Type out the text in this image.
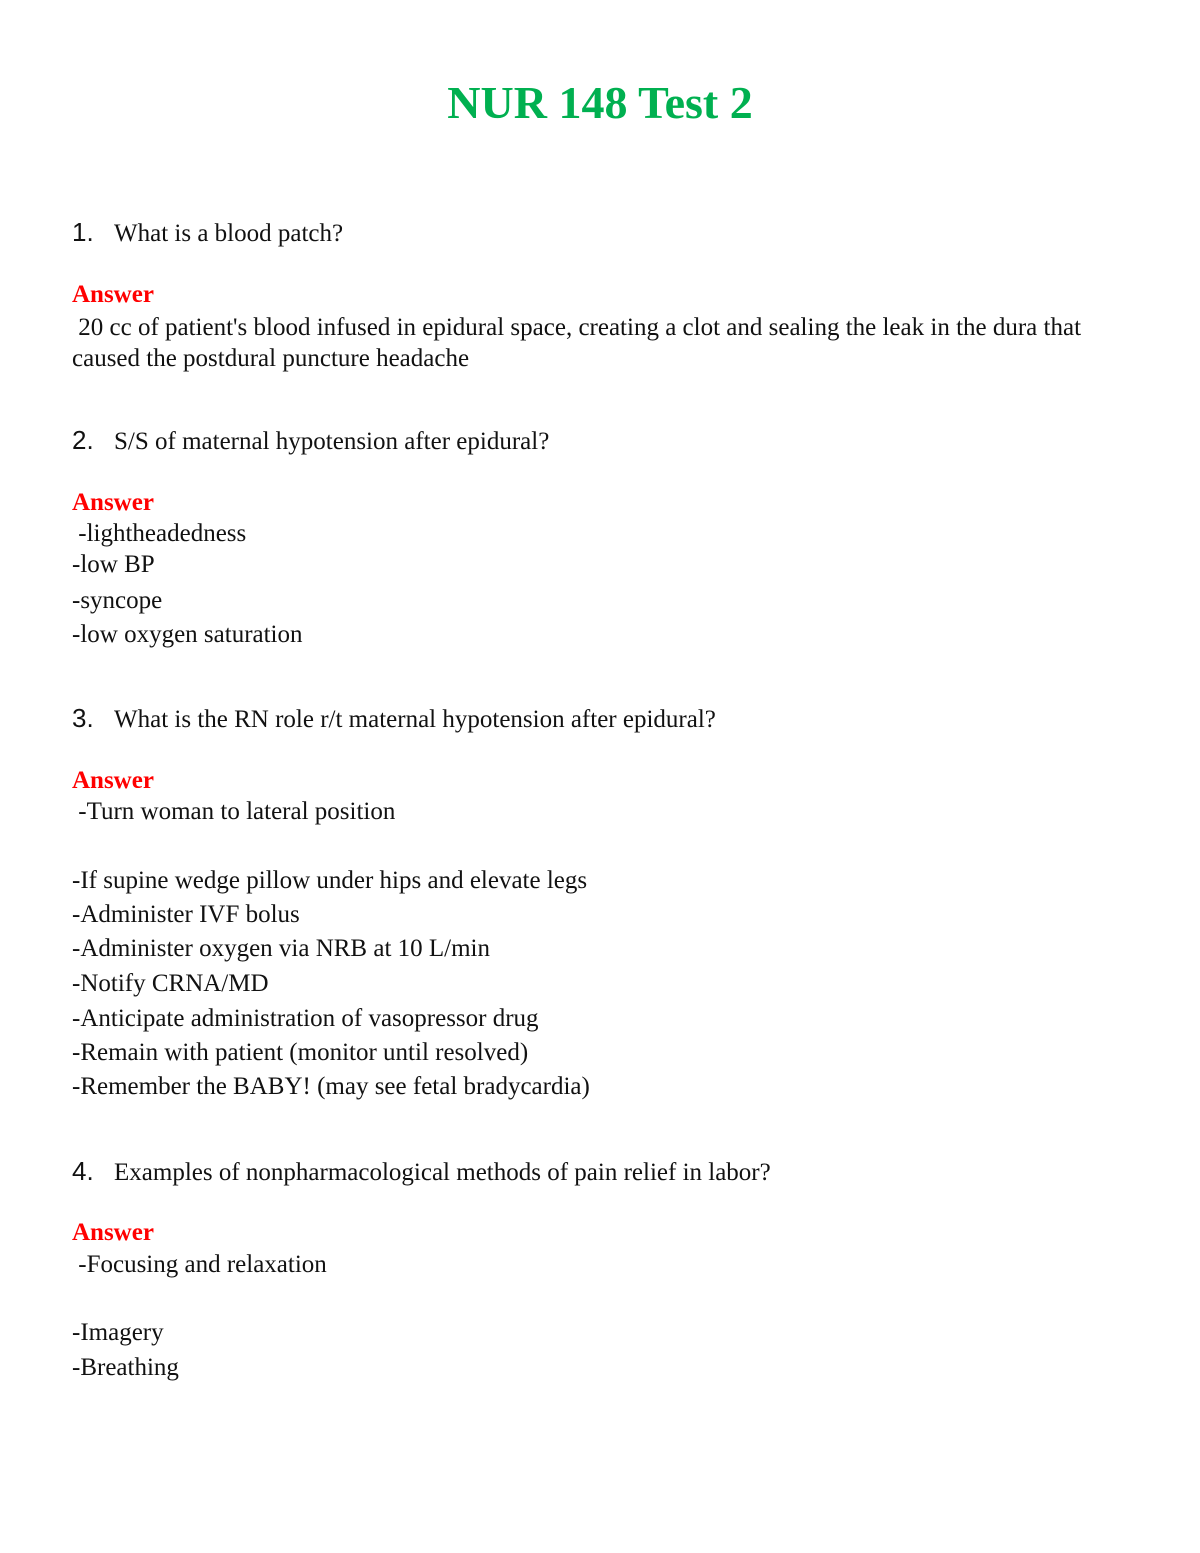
NUR 148 Test 2
1. What is a blood patch?
Answer
20 cc of patient's blood infused in epidural space, creating a clot and sealing the leak in the dura that caused the postdural puncture headache
2. S/S of maternal hypotension after epidural?
Answer
-lightheadedness
-low BP
-syncope
-low oxygen saturation
3. What is the RN role r/t maternal hypotension after epidural?
Answer
-Turn woman to lateral position
-If supine wedge pillow under hips and elevate legs
-Administer IVF bolus
-Administer oxygen via NRB at 10 L/min
-Notify CRNA/MD
-Anticipate administration of vasopressor drug
-Remain with patient (monitor until resolved)
-Remember the BABY! (may see fetal bradycardia)
4. Examples of nonpharmacological methods of pain relief in labor?
Answer
-Focusing and relaxation
-Imagery
-Breathing
